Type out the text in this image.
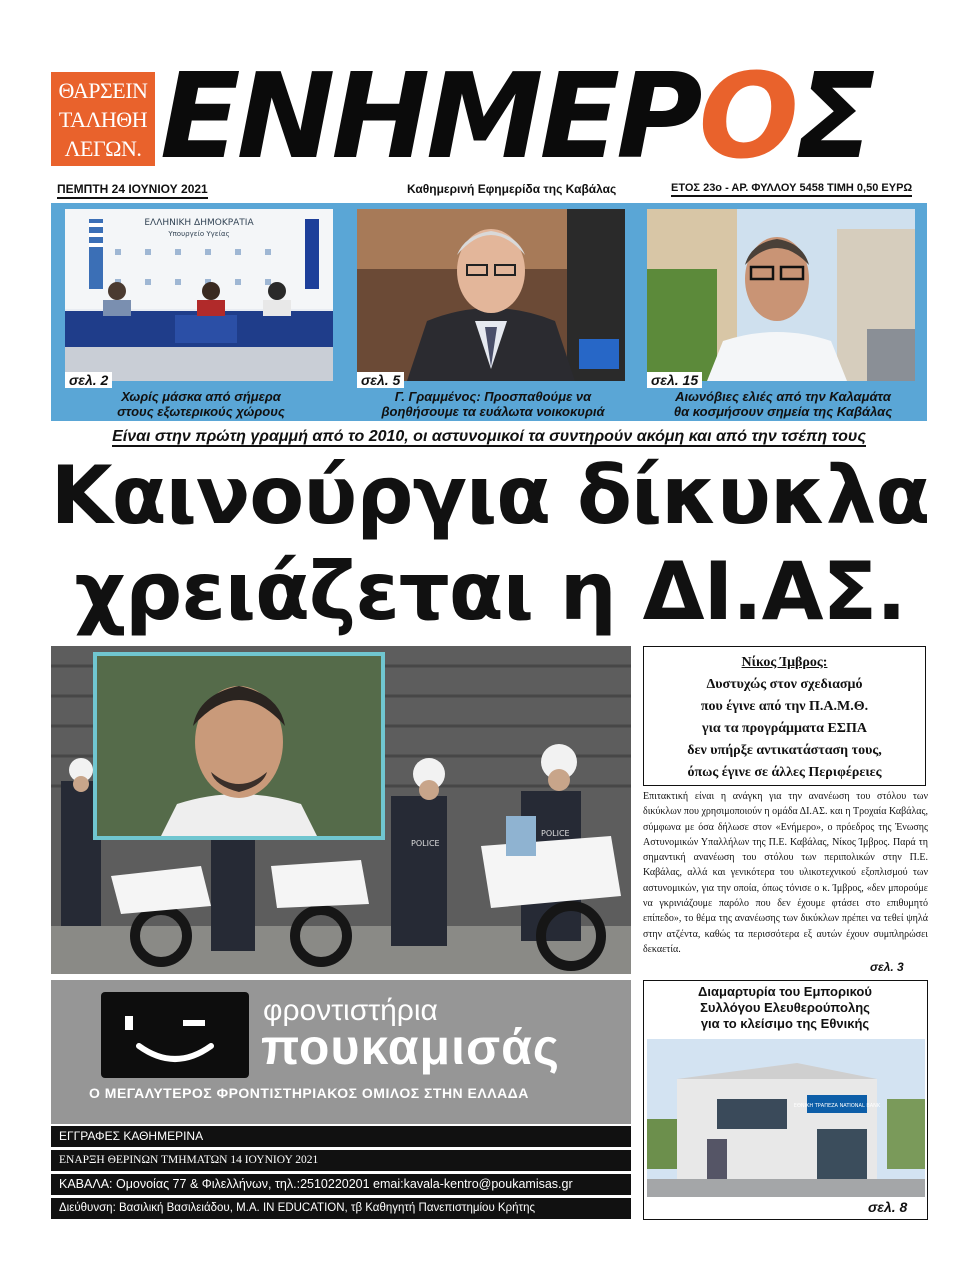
ΘΑΡΣΕΙΝ
ΤΑΛΗΘΗ
ΛΕΓΩΝ. ΕΝΗΜΕΡΟΣ
ΠΕΜΠΤΗ 24 ΙΟΥΝΙΟΥ 2021	Καθημερινή Εφημερίδα της Καβάλας	ΕΤΟΣ 23ο - ΑΡ. ΦΥΛΛΟΥ 5458 ΤΙΜΗ 0,50 ΕΥΡΩ
ΕΛΛΗΝΙΚΗ ΔΗΜΟΚΡΑΤΙΑ
Υπουργείο Υγείας
σελ. 2
Χωρίς μάσκα από σήμερα
στους εξωτερικούς χώρους
σελ. 5
Γ. Γραμμένος: Προσπαθούμε να
βοηθήσουμε τα ευάλωτα νοικοκυριά
σελ. 15
Αιωνόβιες ελιές από την Καλαμάτα
θα κοσμήσουν σημεία της Καβάλας
Είναι στην πρώτη γραμμή από το 2010, οι αστυνομικοί τα συντηρούν ακόμη και από την τσέπη τους
Καινούργια δίκυκλα
χρειάζεται η ΔΙ.ΑΣ.
POLICE
POLICE
Νίκος Ίμβρος:
Δυστυχώς στον σχεδιασμό
που έγινε από την Π.Α.Μ.Θ.
για τα προγράμματα ΕΣΠΑ
δεν υπήρξε αντικατάσταση τους,
όπως έγινε σε άλλες Περιφέρειες
Επιτακτική είναι η ανάγκη για την ανανέωση του στόλου των δικύκλων που χρησιμοποιούν η ομάδα ΔΙ.ΑΣ. και η Τροχαία Καβάλας, σύμφωνα με όσα δήλωσε στον «Ενήμερο», ο πρόεδρος της Ένωσης Αστυνομικών Υπαλλήλων της Π.Ε. Καβάλας, Νίκος Ίμβρος. Παρά τη σημαντική ανανέωση του στόλου των περιπολικών στην Π.Ε. Καβάλας, αλλά και γενικότερα του υλικοτεχνικού εξοπλισμού των αστυνομικών, για την οποία, όπως τόνισε ο κ. Ίμβρος, «δεν μπορούμε να γκρινιάζουμε παρόλο που δεν έχουμε φτάσει στο επιθυμητό επίπεδο», το θέμα της ανανέωσης των δικύκλων πρέπει να τεθεί ψηλά στην ατζέντα, καθώς τα περισσότερα εξ αυτών έχουν συμπληρώσει δεκαετία.
σελ. 3
φροντιστήρια
πουκαμισάς
Ο ΜΕΓΑΛΥΤΕΡΟΣ ΦΡΟΝΤΙΣΤΗΡΙΑΚΟΣ ΟΜΙΛΟΣ ΣΤΗΝ ΕΛΛΑΔΑ
ΕΓΓΡΑΦΕΣ ΚΑΘΗΜΕΡΙΝΑ
ΕΝΑΡΞΗ ΘΕΡΙΝΩΝ ΤΜΗΜΑΤΩΝ 14 ΙΟΥΝΙΟΥ 2021
ΚΑΒΑΛΑ: Ομονοίας 77 & Φιλελλήνων, τηλ.:2510220201 emai:kavala-kentro@poukamisas.gr
Διεύθυνση: Βασιλική Βασιλειάδου, M.A. IN EDUCATION, τβ Καθηγητή Πανεπιστημίου Κρήτης
Διαμαρτυρία του Εμπορικού
Συλλόγου Ελευθερούπολης
για το κλείσιμο της Εθνικής
ΕΘΝΙΚΗ ΤΡΑΠΕΖΑ NATIONAL BANK
σελ. 8
